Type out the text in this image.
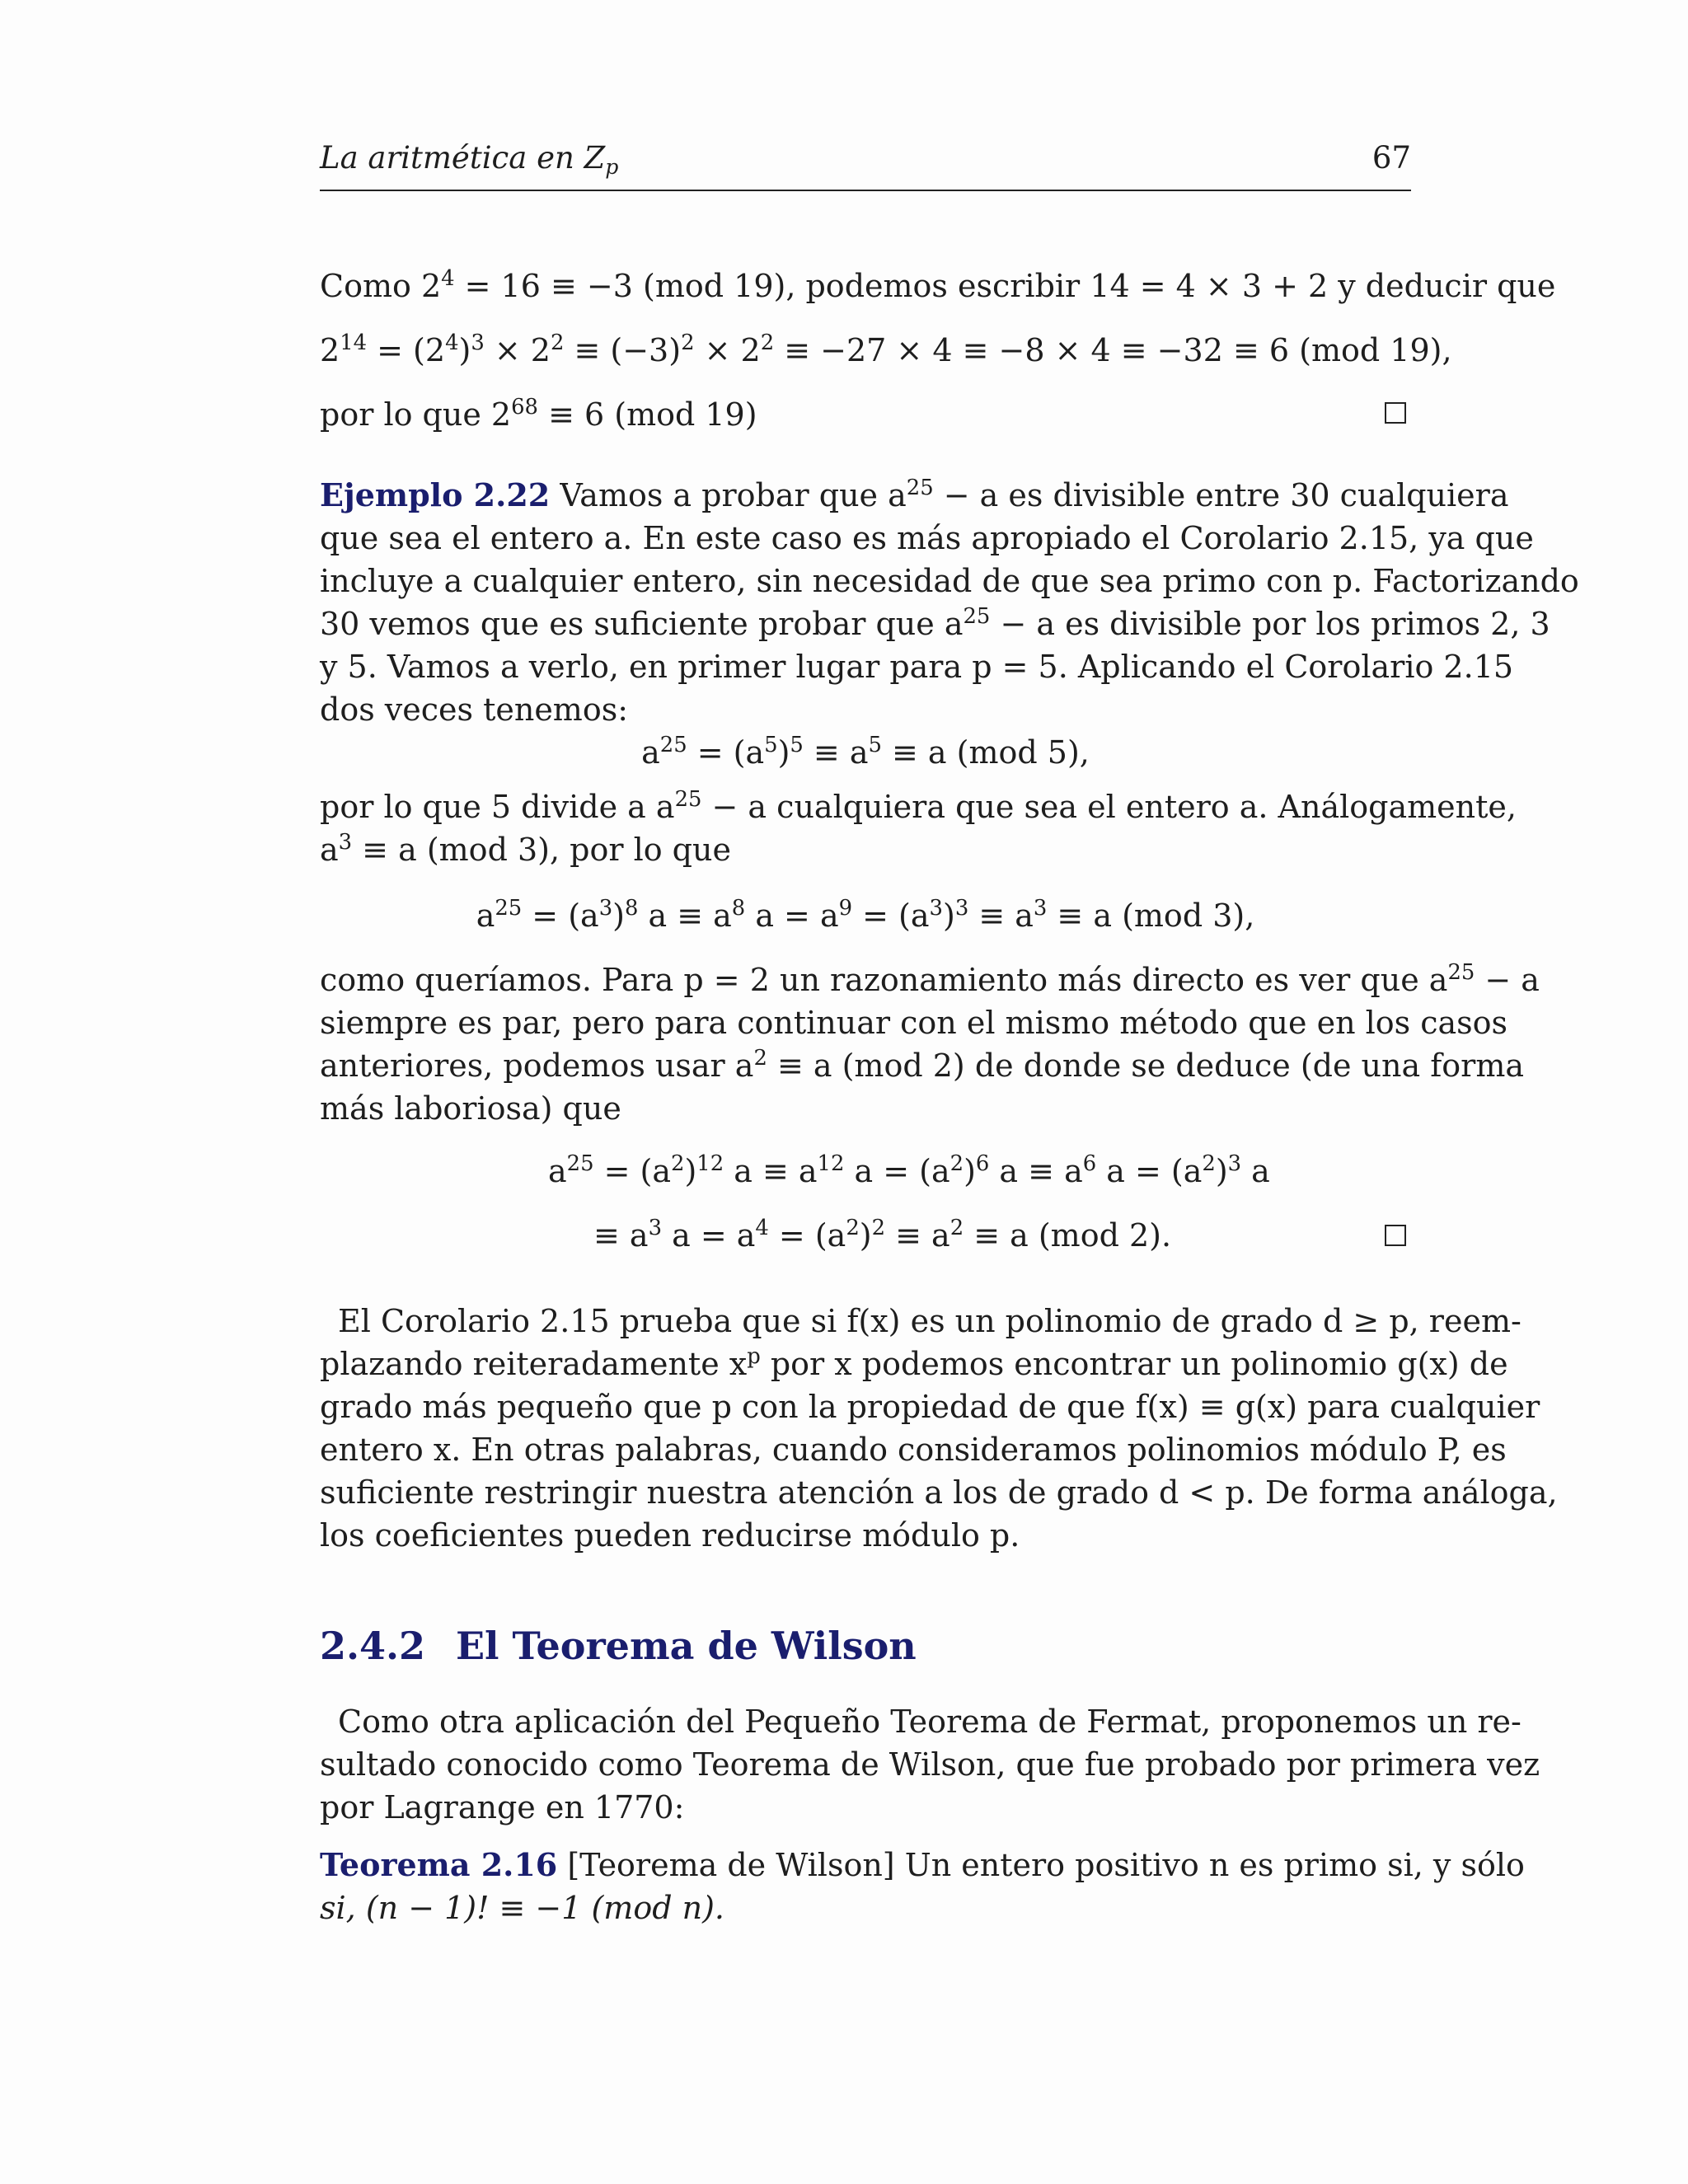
La aritmética en Zp	67
Como $2^4 = 16 \equiv -3$ (mod 19), podemos escribir 14 = 4 × 3 + 2 y deducir que
$2^{14} = (2^4)^3 \times 2^2 \equiv (-3)^2 \times 2^2 \equiv -27 \times 4 \equiv -8 \times 4 \equiv -32 \equiv 6$ (mod 19),
por lo que $2^{68} \equiv 6$ (mod 19)
Ejemplo 2.22 Vamos a probar que $a^{25} - a$ es divisible entre 30 cualquiera
que sea el entero a. En este caso es más apropiado el Corolario 2.15, ya que
incluye a cualquier entero, sin necesidad de que sea primo con p. Factorizando
30 vemos que es suficiente probar que $a^{25} - a$ es divisible por los primos 2, 3
y 5. Vamos a verlo, en primer lugar para p = 5. Aplicando el Corolario 2.15
dos veces tenemos:
$a^{25} = (a^5)^5 \equiv a^5 \equiv a$ (mod 5),
por lo que 5 divide a $a^{25} - a$ cualquiera que sea el entero a. Análogamente,
$a^3 \equiv a$ (mod 3), por lo que
$a^{25} = (a^3)^8$ $a \equiv a^8$ $a = a^9 = (a^3)^3 \equiv a^3 \equiv a$ (mod 3),
como queríamos. Para p = 2 un razonamiento más directo es ver que $a^{25} - a$
siempre es par, pero para continuar con el mismo método que en los casos
anteriores, podemos usar $a^2 \equiv a$ (mod 2) de donde se deduce (de una forma
más laboriosa) que
$a^{25} = (a^2)^{12}$ $a \equiv a^{12}$ $a = (a^2)^6$ $a \equiv a^6$ $a = (a^2)^3$ a
≡ $a^3$ $a = a^4 = (a^2)^2 \equiv a^2 \equiv a$ (mod 2).
El Corolario 2.15 prueba que si f(x) es un polinomio de grado d ≥ p, reem-
plazando reiteradamente $x^p$ por x podemos encontrar un polinomio g(x) de
grado más pequeño que p con la propiedad de que f(x) ≡ g(x) para cualquier
entero x. En otras palabras, cuando consideramos polinomios módulo P, es
suficiente restringir nuestra atención a los de grado d < p. De forma análoga,
los coeficientes pueden reducirse módulo p.
2.4.2 El Teorema de Wilson
Como otra aplicación del Pequeño Teorema de Fermat, proponemos un re-
sultado conocido como Teorema de Wilson, que fue probado por primera vez
por Lagrange en 1770:
Teorema 2.16 [Teorema de Wilson] Un entero positivo n es primo si, y sólo
si, (n − 1)! ≡ −1 (mod n).
